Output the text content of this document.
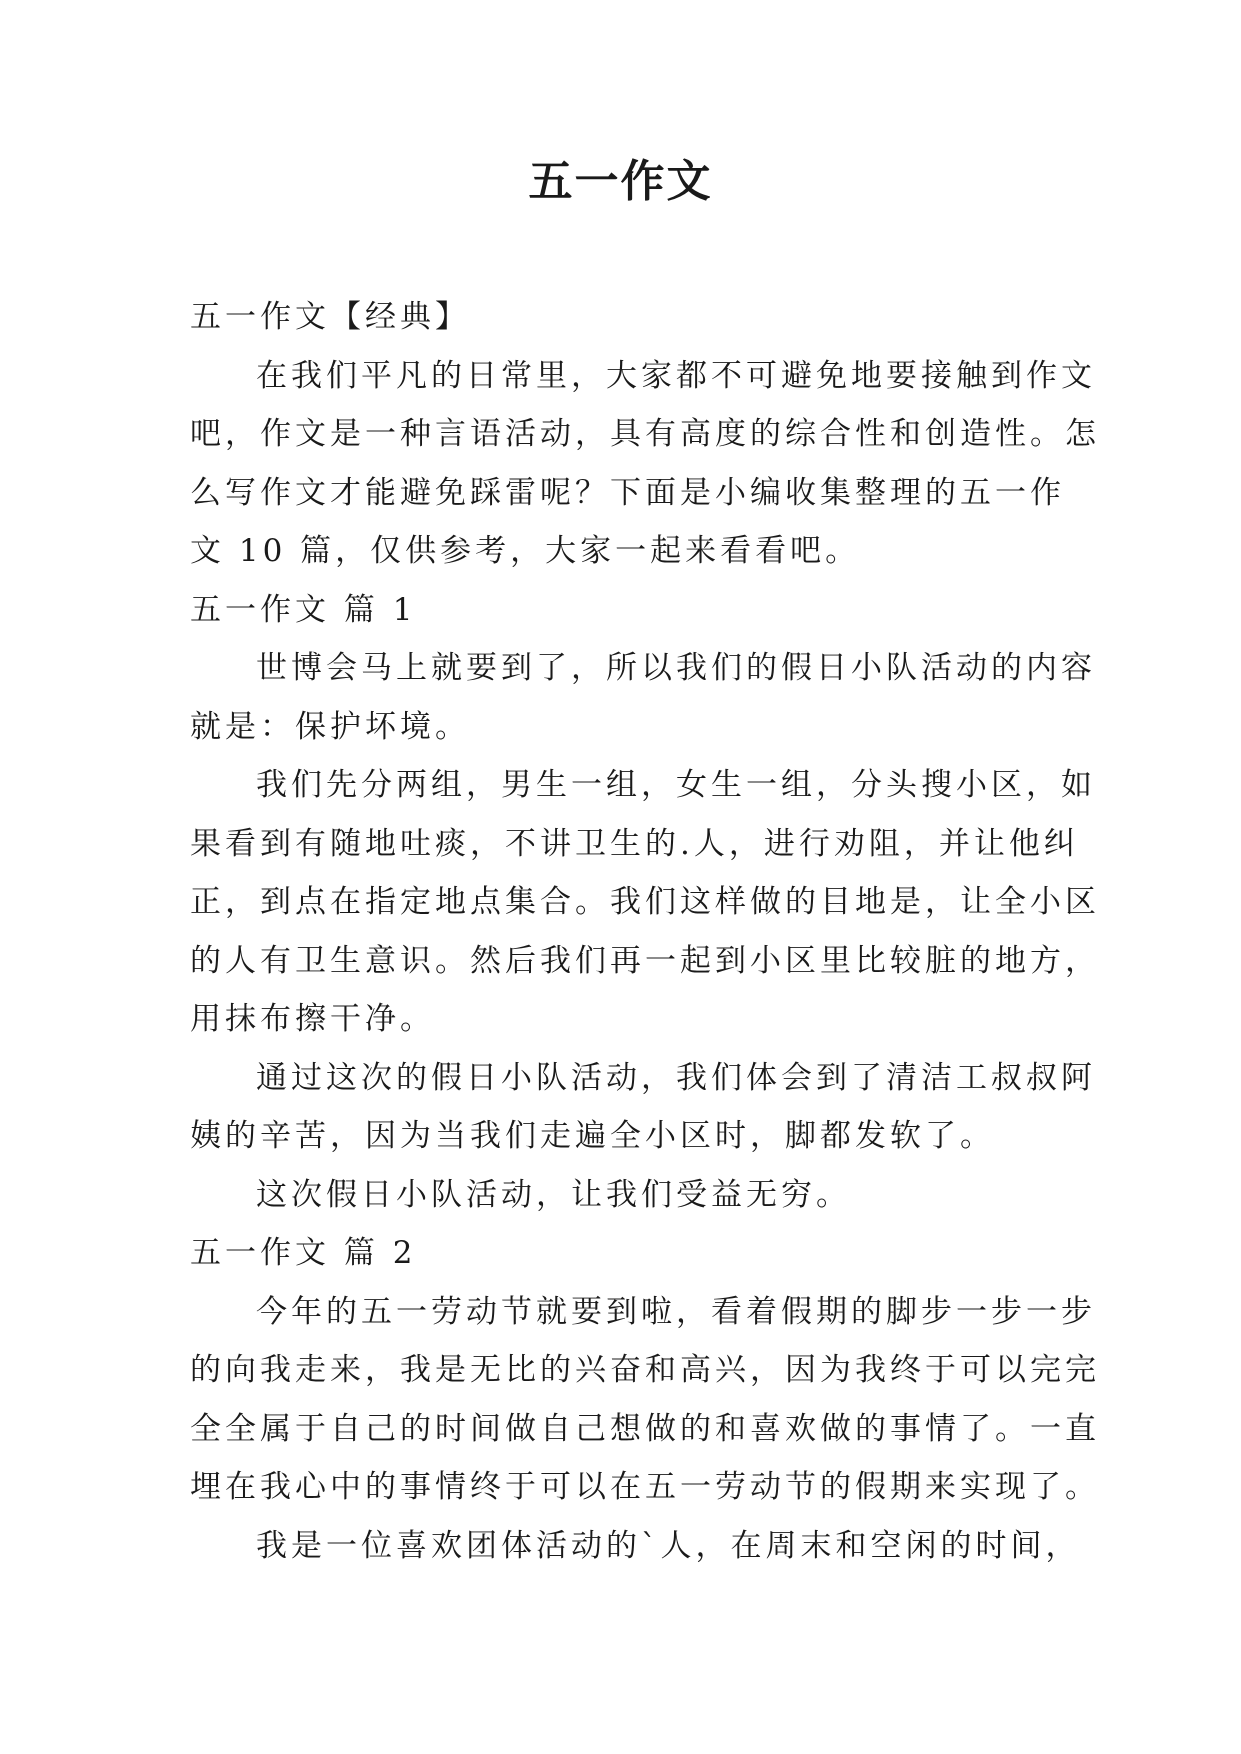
五一作文
五一作文【经典】
在我们平凡的日常里，大家都不可避免地要接触到作文
吧，作文是一种言语活动，具有高度的综合性和创造性。怎
么写作文才能避免踩雷呢？下面是小编收集整理的五一作
文 10 篇，仅供参考，大家一起来看看吧。
五一作文 篇 1
世博会马上就要到了，所以我们的假日小队活动的内容
就是：保护坏境。
我们先分两组，男生一组，女生一组，分头搜小区，如
果看到有随地吐痰，不讲卫生的.人，进行劝阻，并让他纠
正，到点在指定地点集合。我们这样做的目地是，让全小区
的人有卫生意识。然后我们再一起到小区里比较脏的地方，
用抹布擦干净。
通过这次的假日小队活动，我们体会到了清洁工叔叔阿
姨的辛苦，因为当我们走遍全小区时，脚都发软了。
这次假日小队活动，让我们受益无穷。
五一作文 篇 2
今年的五一劳动节就要到啦，看着假期的脚步一步一步
的向我走来，我是无比的兴奋和高兴，因为我终于可以完完
全全属于自己的时间做自己想做的和喜欢做的事情了。一直
埋在我心中的事情终于可以在五一劳动节的假期来实现了。
我是一位喜欢团体活动的`人，在周末和空闲的时间，
